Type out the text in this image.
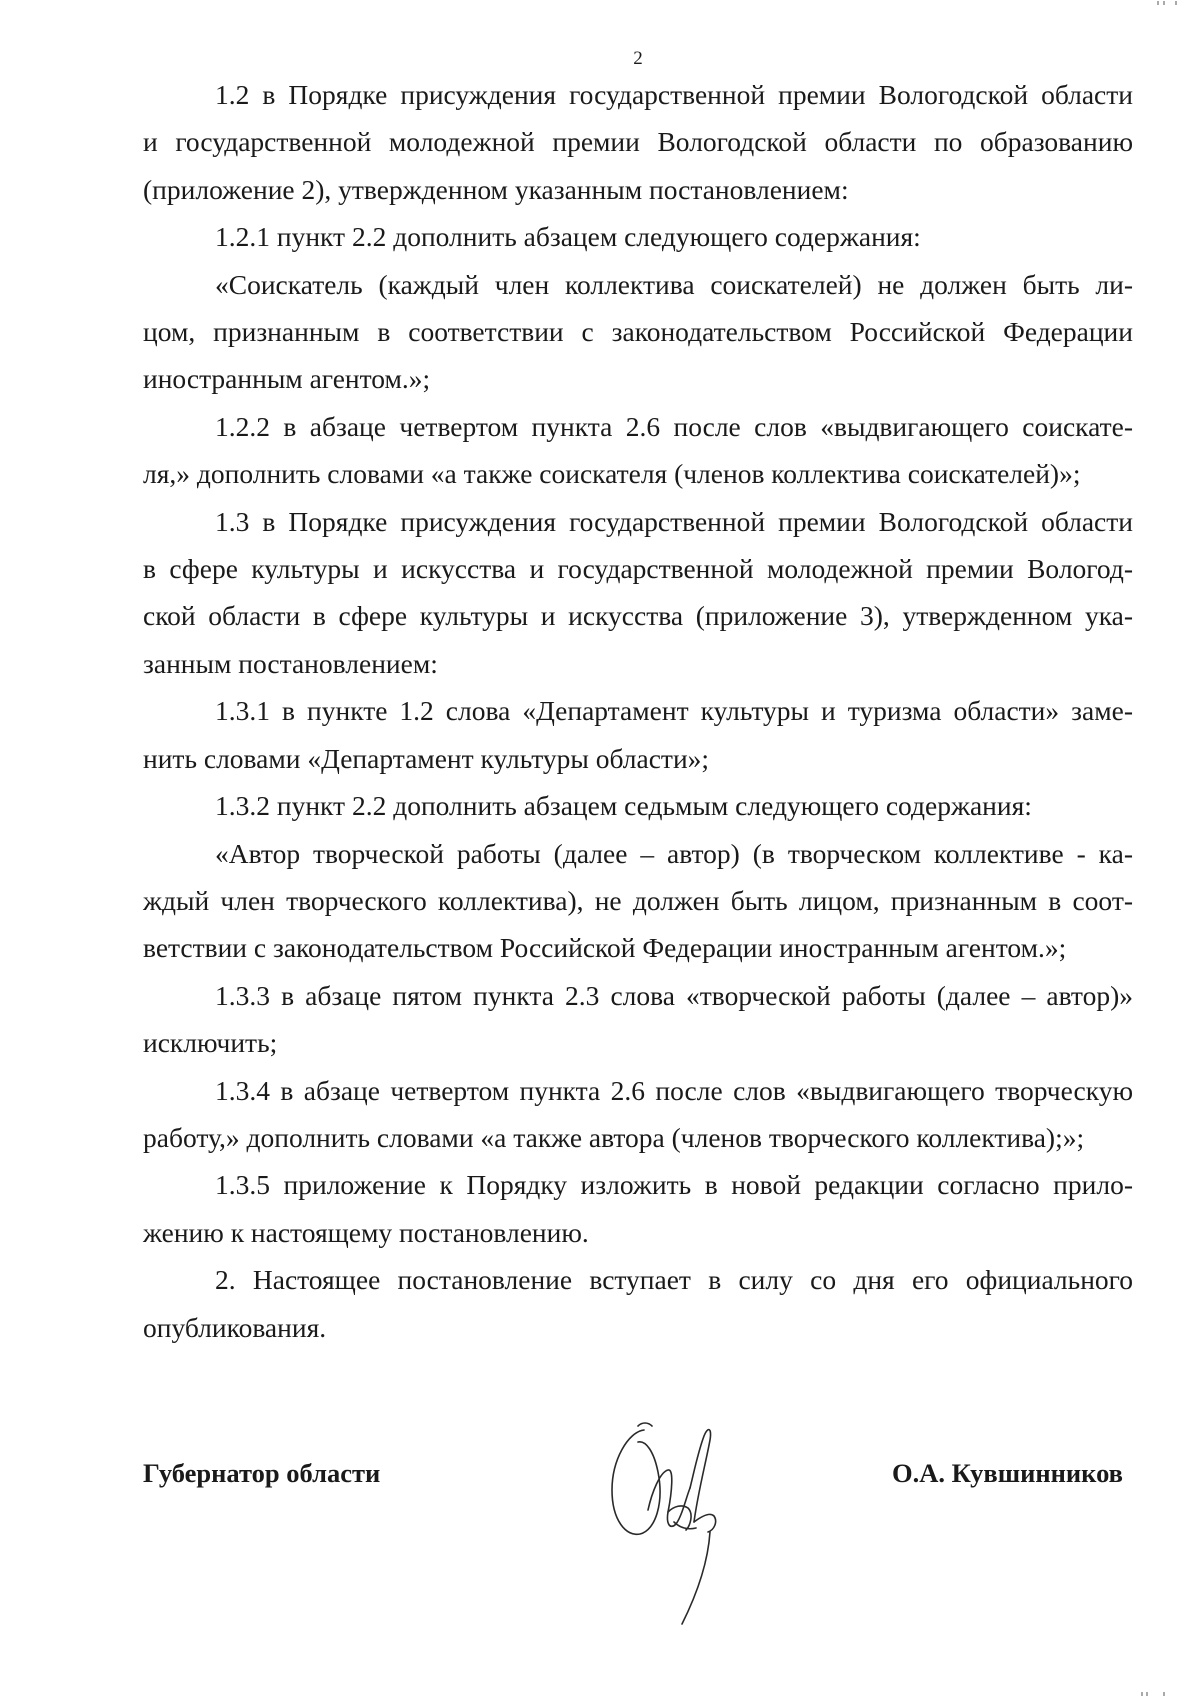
2

1.2 в Порядке присуждения государственной премии Вологодской области
и государственной молодежной премии Вологодской области по образованию
(приложение 2), утвержденном указанным постановлением:

1.2.1 пункт 2.2 дополнить абзацем следующего содержания:

«Соискатель (каждый член коллектива соискателей) не должен быть ли-
цом, признанным в соответствии с законодательством Российской Федерации
иностранным агентом.»;

1.2.2 в абзаце четвертом пункта 2.6 после слов «выдвигающего соискате-
ля,» дополнить словами «а также соискателя (членов коллектива соискателей)»;

1.3 в Порядке присуждения государственной премии Вологодской области
в сфере культуры и искусства и государственной молодежной премии Вологод-
ской области в сфере культуры и искусства (приложение 3), утвержденном ука-
занным постановлением:

1.3.1 в пункте 1.2 слова «Департамент культуры и туризма области» заме-
нить словами «Департамент культуры области»;

1.3.2 пункт 2.2 дополнить абзацем седьмым следующего содержания:

«Автор творческой работы (далее – автор) (в творческом коллективе - ка-
ждый член творческого коллектива), не должен быть лицом, признанным в соот-
ветствии с законодательством Российской Федерации иностранным агентом.»;

1.3.3 в абзаце пятом пункта 2.3 слова «творческой работы (далее – автор)»
исключить;

1.3.4 в абзаце четвертом пункта 2.6 после слов «выдвигающего творческую
работу,» дополнить словами «а также автора (членов творческого коллектива);»;

1.3.5 приложение к Порядку изложить в новой редакции согласно прило-
жению к настоящему постановлению.

2. Настоящее постановление вступает в силу со дня его официального
опубликования.

Губернатор области	О.А. Кувшинников
